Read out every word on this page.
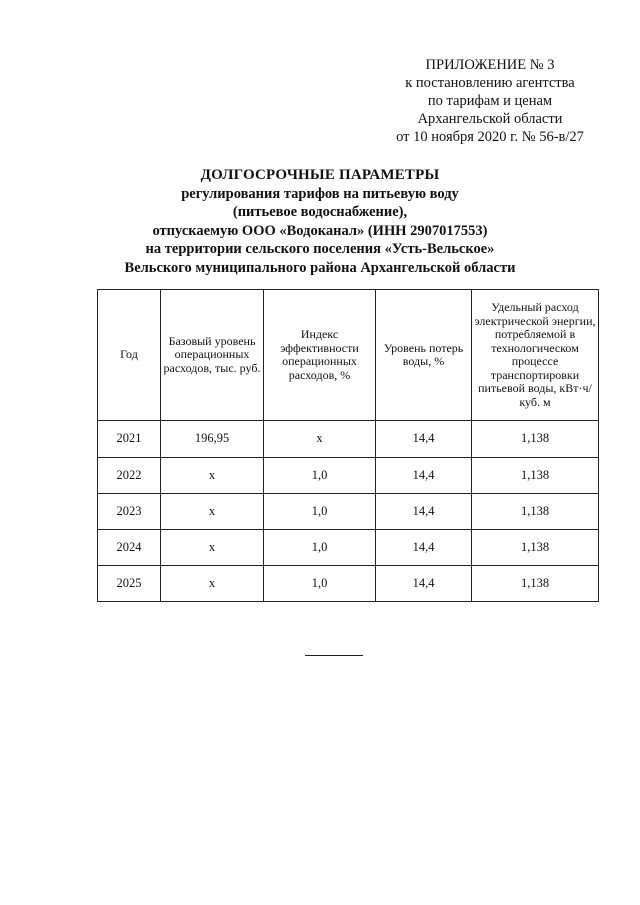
ПРИЛОЖЕНИЕ № 3
к постановлению агентства
по тарифам и ценам
Архангельской области
от 10 ноября 2020 г. № 56-в/27
ДОЛГОСРОЧНЫЕ ПАРАМЕТРЫ
регулирования тарифов на питьевую воду
(питьевое водоснабжение),
отпускаемую ООО «Водоканал» (ИНН 2907017553)
на территории сельского поселения «Усть-Вельское»
Вельского муниципального района Архангельской области
Год	Базовый уровень операционных расходов, тыс. руб.	Индекс эффективности операционных расходов, %	Уровень потерь воды, %	Удельный расход электрической энергии, потребляемой в технологическом процессе транспортировки питьевой воды, кВт·ч/куб. м
2021	196,95	х	14,4	1,138
2022	х	1,0	14,4	1,138
2023	х	1,0	14,4	1,138
2024	х	1,0	14,4	1,138
2025	х	1,0	14,4	1,138
